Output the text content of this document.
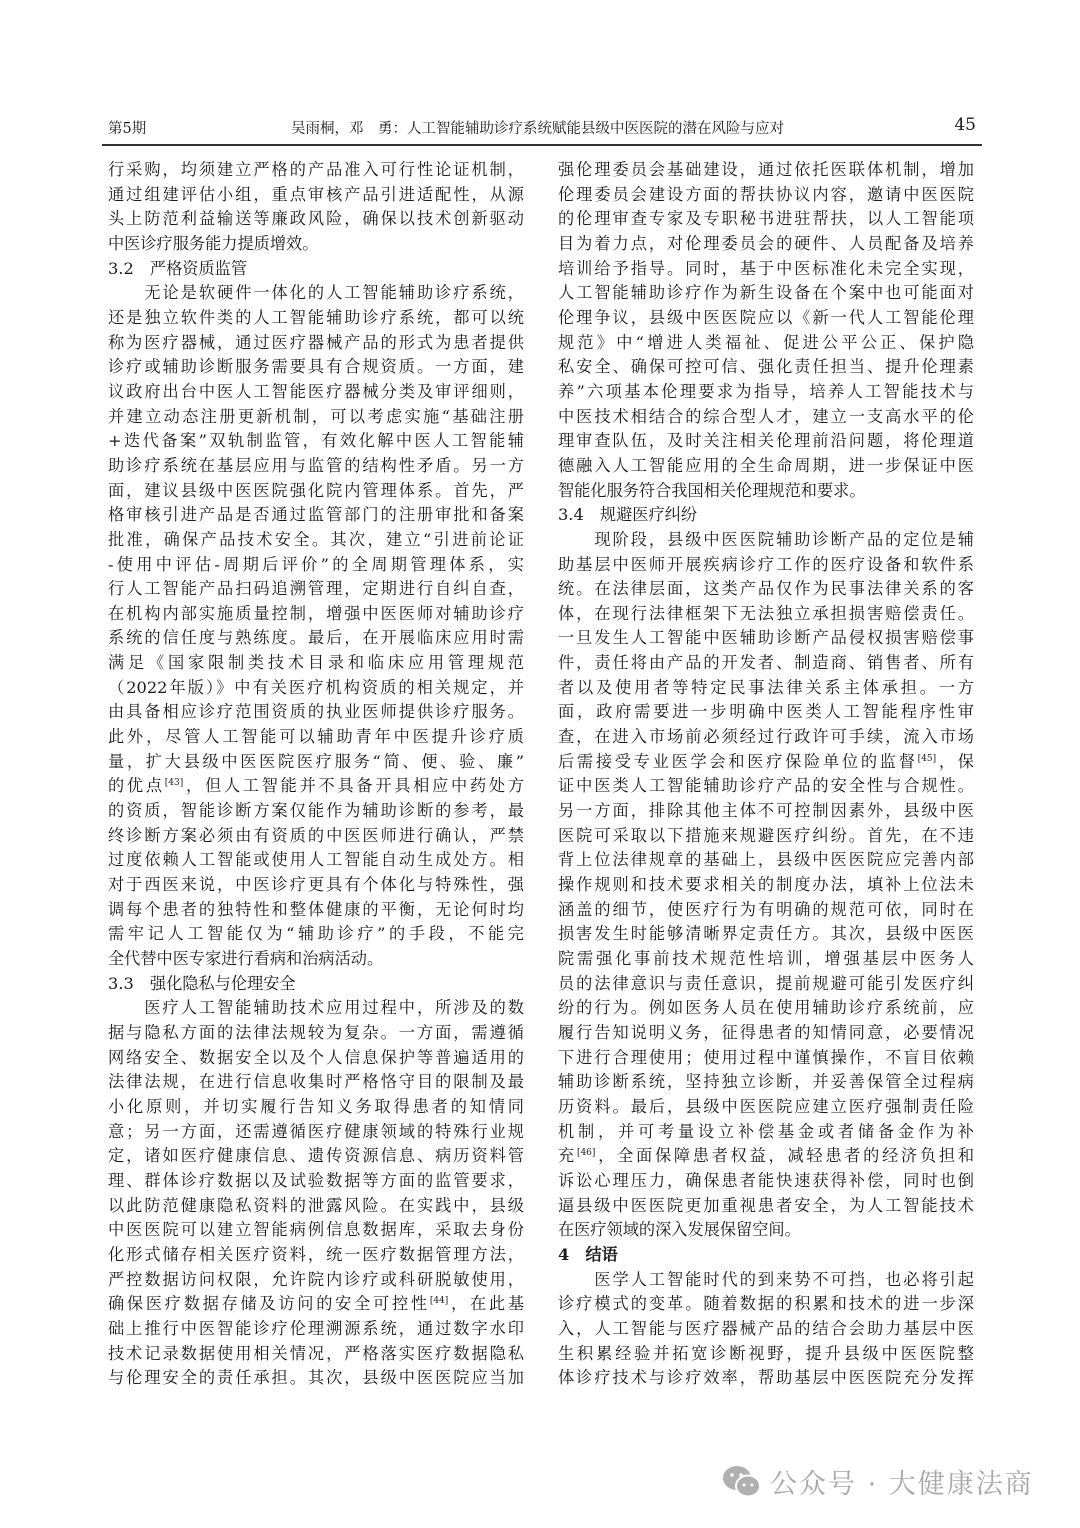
第5期	吴雨桐，邓　勇：人工智能辅助诊疗系统赋能县级中医医院的潜在风险与应对	45
行采购，均须建立严格的产品准入可行性论证机制，
通过组建评估小组，重点审核产品引进适配性，从源
头上防范利益输送等廉政风险，确保以技术创新驱动
中医诊疗服务能力提质增效。
3.2　严格资质监管
　　无论是软硬件一体化的人工智能辅助诊疗系统，
还是独立软件类的人工智能辅助诊疗系统，都可以统
称为医疗器械，通过医疗器械产品的形式为患者提供
诊疗或辅助诊断服务需要具有合规资质。一方面，建
议政府出台中医人工智能医疗器械分类及审评细则，
并建立动态注册更新机制，可以考虑实施“基础注册
+迭代备案”双轨制监管，有效化解中医人工智能辅
助诊疗系统在基层应用与监管的结构性矛盾。另一方
面，建议县级中医医院强化院内管理体系。首先，严
格审核引进产品是否通过监管部门的注册审批和备案
批准，确保产品技术安全。其次，建立“引进前论证
-使用中评估-周期后评价”的全周期管理体系，实
行人工智能产品扫码追溯管理，定期进行自纠自查，
在机构内部实施质量控制，增强中医医师对辅助诊疗
系统的信任度与熟练度。最后，在开展临床应用时需
满足《国家限制类技术目录和临床应用管理规范
（2022年版）》中有关医疗机构资质的相关规定，并
由具备相应诊疗范围资质的执业医师提供诊疗服务。
此外，尽管人工智能可以辅助青年中医提升诊疗质
量，扩大县级中医医院医疗服务“简、便、验、廉”
的优点[43]，但人工智能并不具备开具相应中药处方
的资质，智能诊断方案仅能作为辅助诊断的参考，最
终诊断方案必须由有资质的中医医师进行确认，严禁
过度依赖人工智能或使用人工智能自动生成处方。相
对于西医来说，中医诊疗更具有个体化与特殊性，强
调每个患者的独特性和整体健康的平衡，无论何时均
需牢记人工智能仅为“辅助诊疗”的手段，不能完
全代替中医专家进行看病和治病活动。
3.3　强化隐私与伦理安全
　　医疗人工智能辅助技术应用过程中，所涉及的数
据与隐私方面的法律法规较为复杂。一方面，需遵循
网络安全、数据安全以及个人信息保护等普遍适用的
法律法规，在进行信息收集时严格恪守目的限制及最
小化原则，并切实履行告知义务取得患者的知情同
意；另一方面，还需遵循医疗健康领域的特殊行业规
定，诸如医疗健康信息、遗传资源信息、病历资料管
理、群体诊疗数据以及试验数据等方面的监管要求，
以此防范健康隐私资料的泄露风险。在实践中，县级
中医医院可以建立智能病例信息数据库，采取去身份
化形式储存相关医疗资料，统一医疗数据管理方法，
严控数据访问权限，允许院内诊疗或科研脱敏使用，
确保医疗数据存储及访问的安全可控性[44]，在此基
础上推行中医智能诊疗伦理溯源系统，通过数字水印
技术记录数据使用相关情况，严格落实医疗数据隐私
与伦理安全的责任承担。其次，县级中医医院应当加
强伦理委员会基础建设，通过依托医联体机制，增加
伦理委员会建设方面的帮扶协议内容，邀请中医医院
的伦理审查专家及专职秘书进驻帮扶，以人工智能项
目为着力点，对伦理委员会的硬件、人员配备及培养
培训给予指导。同时，基于中医标准化未完全实现，
人工智能辅助诊疗作为新生设备在个案中也可能面对
伦理争议，县级中医医院应以《新一代人工智能伦理
规范》中“增进人类福祉、促进公平公正、保护隐
私安全、确保可控可信、强化责任担当、提升伦理素
养”六项基本伦理要求为指导，培养人工智能技术与
中医技术相结合的综合型人才，建立一支高水平的伦
理审查队伍，及时关注相关伦理前沿问题，将伦理道
德融入人工智能应用的全生命周期，进一步保证中医
智能化服务符合我国相关伦理规范和要求。
3.4　规避医疗纠纷
　　现阶段，县级中医医院辅助诊断产品的定位是辅
助基层中医师开展疾病诊疗工作的医疗设备和软件系
统。在法律层面，这类产品仅作为民事法律关系的客
体，在现行法律框架下无法独立承担损害赔偿责任。
一旦发生人工智能中医辅助诊断产品侵权损害赔偿事
件，责任将由产品的开发者、制造商、销售者、所有
者以及使用者等特定民事法律关系主体承担。一方
面，政府需要进一步明确中医类人工智能程序性审
查，在进入市场前必须经过行政许可手续，流入市场
后需接受专业医学会和医疗保险单位的监督[45]，保
证中医类人工智能辅助诊疗产品的安全性与合规性。
另一方面，排除其他主体不可控制因素外，县级中医
医院可采取以下措施来规避医疗纠纷。首先，在不违
背上位法律规章的基础上，县级中医医院应完善内部
操作规则和技术要求相关的制度办法，填补上位法未
涵盖的细节，使医疗行为有明确的规范可依，同时在
损害发生时能够清晰界定责任方。其次，县级中医医
院需强化事前技术规范性培训，增强基层中医务人
员的法律意识与责任意识，提前规避可能引发医疗纠
纷的行为。例如医务人员在使用辅助诊疗系统前，应
履行告知说明义务，征得患者的知情同意，必要情况
下进行合理使用；使用过程中谨慎操作，不盲目依赖
辅助诊断系统，坚持独立诊断，并妥善保管全过程病
历资料。最后，县级中医医院应建立医疗强制责任险
机制，并可考量设立补偿基金或者储备金作为补
充[46]，全面保障患者权益，减轻患者的经济负担和
诉讼心理压力，确保患者能快速获得补偿，同时也倒
逼县级中医医院更加重视患者安全，为人工智能技术
在医疗领域的深入发展保留空间。
4　结语
　　医学人工智能时代的到来势不可挡，也必将引起
诊疗模式的变革。随着数据的积累和技术的进一步深
入，人工智能与医疗器械产品的结合会助力基层中医
生积累经验并拓宽诊断视野，提升县级中医医院整
体诊疗技术与诊疗效率，帮助基层中医医院充分发挥
公众号 · 大健康法商
